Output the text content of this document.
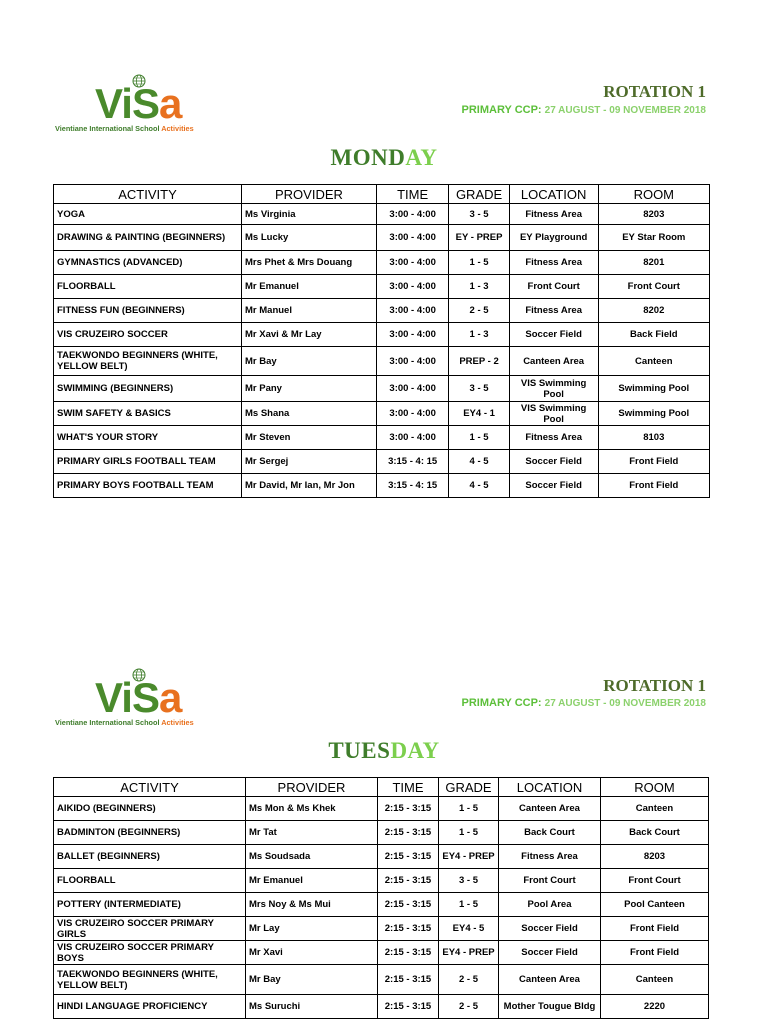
ViSa
Vientiane International School Activities
ROTATION 1
PRIMARY CCP: 27 AUGUST - 09 NOVEMBER 2018
MONDAY
ACTIVITY	PROVIDER	TIME	GRADE	LOCATION	ROOM
YOGA	Ms Virginia	3:00 - 4:00	3 - 5	Fitness Area	8203
DRAWING & PAINTING (BEGINNERS)	Ms Lucky	3:00 - 4:00	EY - PREP	EY Playground	EY Star Room
GYMNASTICS (ADVANCED)	Mrs Phet & Mrs Douang	3:00 - 4:00	1 - 5	Fitness Area	8201
FLOORBALL	Mr Emanuel	3:00 - 4:00	1 - 3	Front Court	Front Court
FITNESS FUN (BEGINNERS)	Mr Manuel	3:00 - 4:00	2 - 5	Fitness Area	8202
VIS CRUZEIRO SOCCER	Mr Xavi & Mr Lay	3:00 - 4:00	1 - 3	Soccer Field	Back Field
TAEKWONDO BEGINNERS (WHITE, YELLOW BELT)	Mr Bay	3:00 - 4:00	PREP - 2	Canteen Area	Canteen
SWIMMING (BEGINNERS)	Mr Pany	3:00 - 4:00	3 - 5	VIS Swimming Pool	Swimming Pool
SWIM SAFETY & BASICS	Ms Shana	3:00 - 4:00	EY4 - 1	VIS Swimming Pool	Swimming Pool
WHAT'S YOUR STORY	Mr Steven	3:00 - 4:00	1 - 5	Fitness Area	8103
PRIMARY GIRLS FOOTBALL TEAM	Mr Sergej	3:15 - 4: 15	4 - 5	Soccer Field	Front Field
PRIMARY BOYS FOOTBALL TEAM	Mr David, Mr Ian, Mr Jon	3:15 - 4: 15	4 - 5	Soccer Field	Front Field
ViSa
Vientiane International School Activities
ROTATION 1
PRIMARY CCP: 27 AUGUST - 09 NOVEMBER 2018
TUESDAY
ACTIVITY	PROVIDER	TIME	GRADE	LOCATION	ROOM
AIKIDO (BEGINNERS)	Ms Mon & Ms Khek	2:15 - 3:15	1 - 5	Canteen Area	Canteen
BADMINTON (BEGINNERS)	Mr Tat	2:15 - 3:15	1 - 5	Back Court	Back Court
BALLET (BEGINNERS)	Ms Soudsada	2:15 - 3:15	EY4 - PREP	Fitness Area	8203
FLOORBALL	Mr Emanuel	2:15 - 3:15	3 - 5	Front Court	Front Court
POTTERY (INTERMEDIATE)	Mrs Noy & Ms Mui	2:15 - 3:15	1 - 5	Pool Area	Pool Canteen
VIS CRUZEIRO SOCCER PRIMARY GIRLS	Mr Lay	2:15 - 3:15	EY4 - 5	Soccer Field	Front Field
VIS CRUZEIRO SOCCER PRIMARY BOYS	Mr Xavi	2:15 - 3:15	EY4 - PREP	Soccer Field	Front Field
TAEKWONDO BEGINNERS (WHITE, YELLOW BELT)	Mr Bay	2:15 - 3:15	2 - 5	Canteen Area	Canteen
HINDI LANGUAGE PROFICIENCY	Ms Suruchi	2:15 - 3:15	2 - 5	Mother Tougue Bldg	2220
